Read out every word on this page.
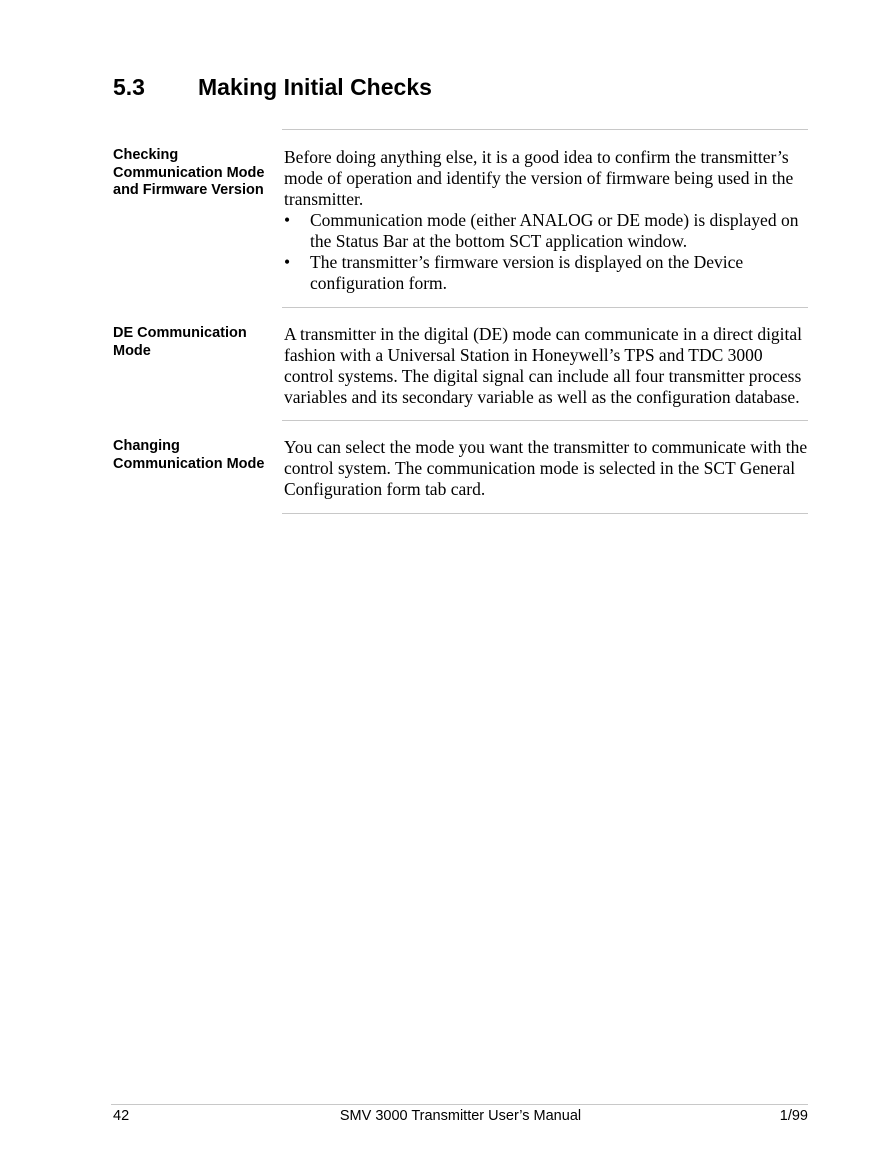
5.3 Making Initial Checks
Checking Communication Mode and Firmware Version

Before doing anything else, it is a good idea to confirm the transmitter’s mode of operation and identify the version of firmware being used in the transmitter.

• Communication mode (either ANALOG or DE mode) is displayed on the Status Bar at the bottom SCT application window.
• The transmitter’s firmware version is displayed on the Device configuration form.
DE Communication Mode

A transmitter in the digital (DE) mode can communicate in a direct digital fashion with a Universal Station in Honeywell’s TPS and TDC 3000 control systems. The digital signal can include all four transmitter process variables and its secondary variable as well as the configuration database.

Changing Communication Mode

You can select the mode you want the transmitter to communicate with the control system. The communication mode is selected in the SCT General Configuration form tab card.

42	SMV 3000 Transmitter User’s Manual	1/99
